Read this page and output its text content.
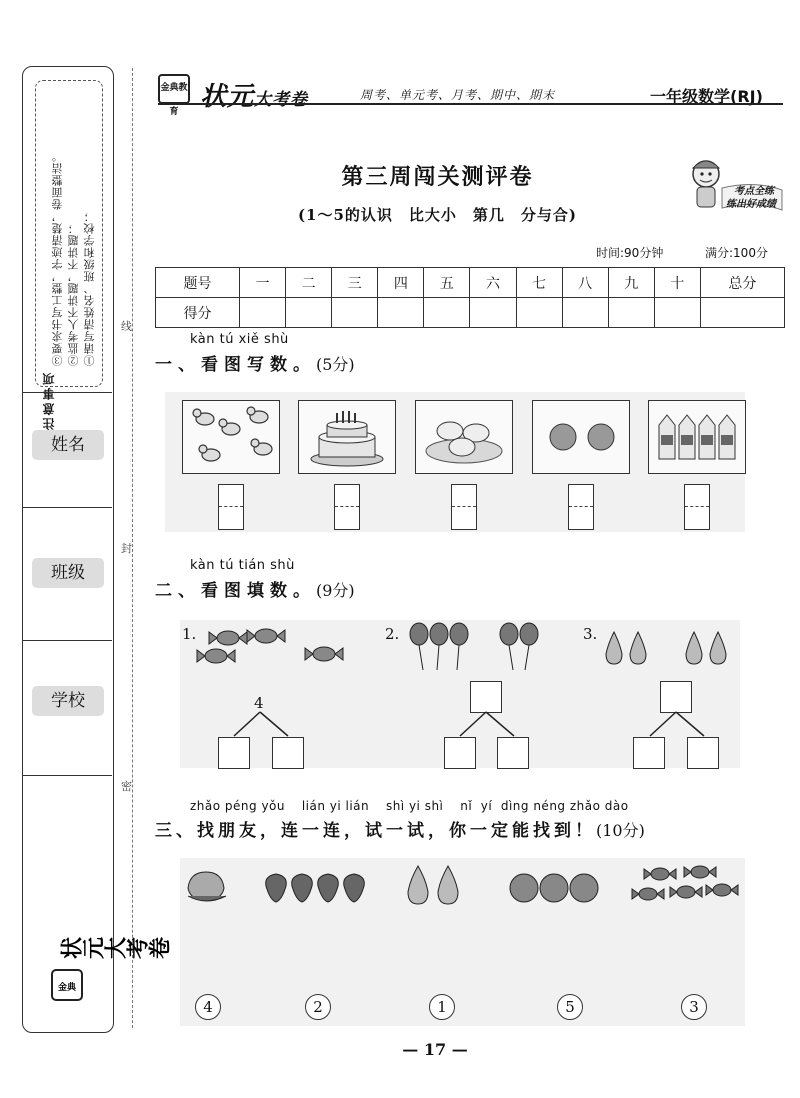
注意事项
①请写清姓名、班级和学校；
②监考人不讲题，不讲题；
③要求书写工整，字迹清楚，卷面整洁。
姓名
班级
学校
金典
状元大考卷
线
封
密
金典教育 状元大考卷	周考、单元考、月考、期中、期末	一年级数学(RJ)
第三周闯关测评卷
(1～5的认识　比大小　第几　分与合)
考点全练
练出好成绩
时间:90分钟	满分:100分
题号	一	二	三	四	五	六	七	八	九	十	总分
得分											
kàn tú xiě shù
一、看图写数。(5分)
kàn tú tián shù
二、看图填数。(9分)
1.
4
2.	3.
zhǎo péng yǒu　 lián yi lián　 shì yi shì　 nǐ  yí  dìng néng zhǎo dào
三、找朋友，连一连，试一试，你一定能找到！(10分)
4	2	1	5	3
— 17 —
